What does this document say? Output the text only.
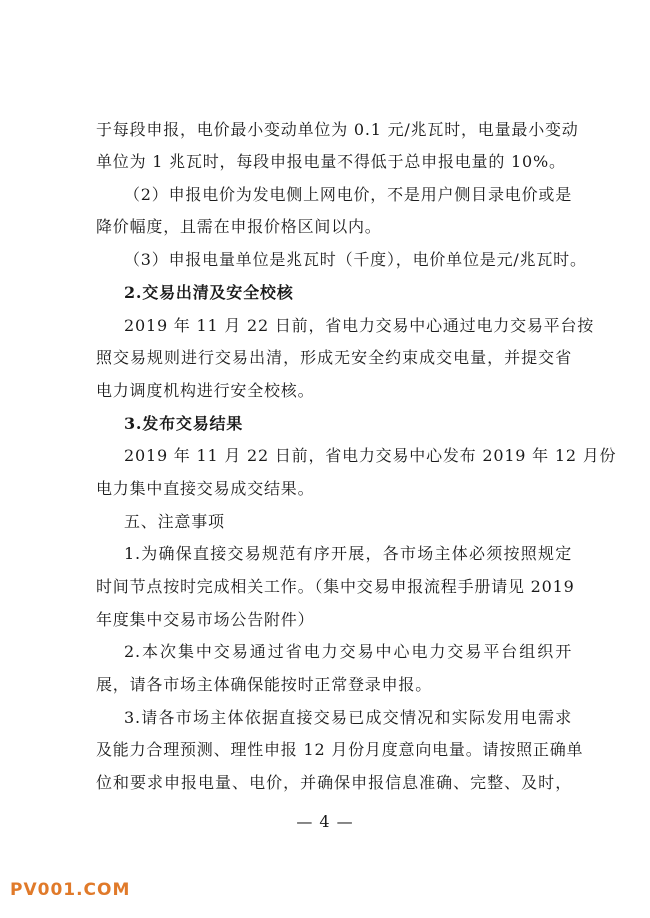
于每段申报，电价最小变动单位为 0.1 元/兆瓦时，电量最小变动
单位为 1 兆瓦时，每段申报电量不得低于总申报电量的 10%。
（2）申报电价为发电侧上网电价，不是用户侧目录电价或是
降价幅度，且需在申报价格区间以内。
（3）申报电量单位是兆瓦时（千度），电价单位是元/兆瓦时。
2.交易出清及安全校核
2019 年 11 月 22 日前，省电力交易中心通过电力交易平台按
照交易规则进行交易出清，形成无安全约束成交电量，并提交省
电力调度机构进行安全校核。
3.发布交易结果
2019 年 11 月 22 日前，省电力交易中心发布 2019 年 12 月份
电力集中直接交易成交结果。
五、注意事项
1.为确保直接交易规范有序开展，各市场主体必须按照规定
时间节点按时完成相关工作。（集中交易申报流程手册请见 2019
年度集中交易市场公告附件）
2.本次集中交易通过省电力交易中心电力交易平台组织开
展，请各市场主体确保能按时正常登录申报。
3.请各市场主体依据直接交易已成交情况和实际发用电需求
及能力合理预测、理性申报 12 月份月度意向电量。请按照正确单
位和要求申报电量、电价，并确保申报信息准确、完整、及时，
— 4 —
PV001.COM
